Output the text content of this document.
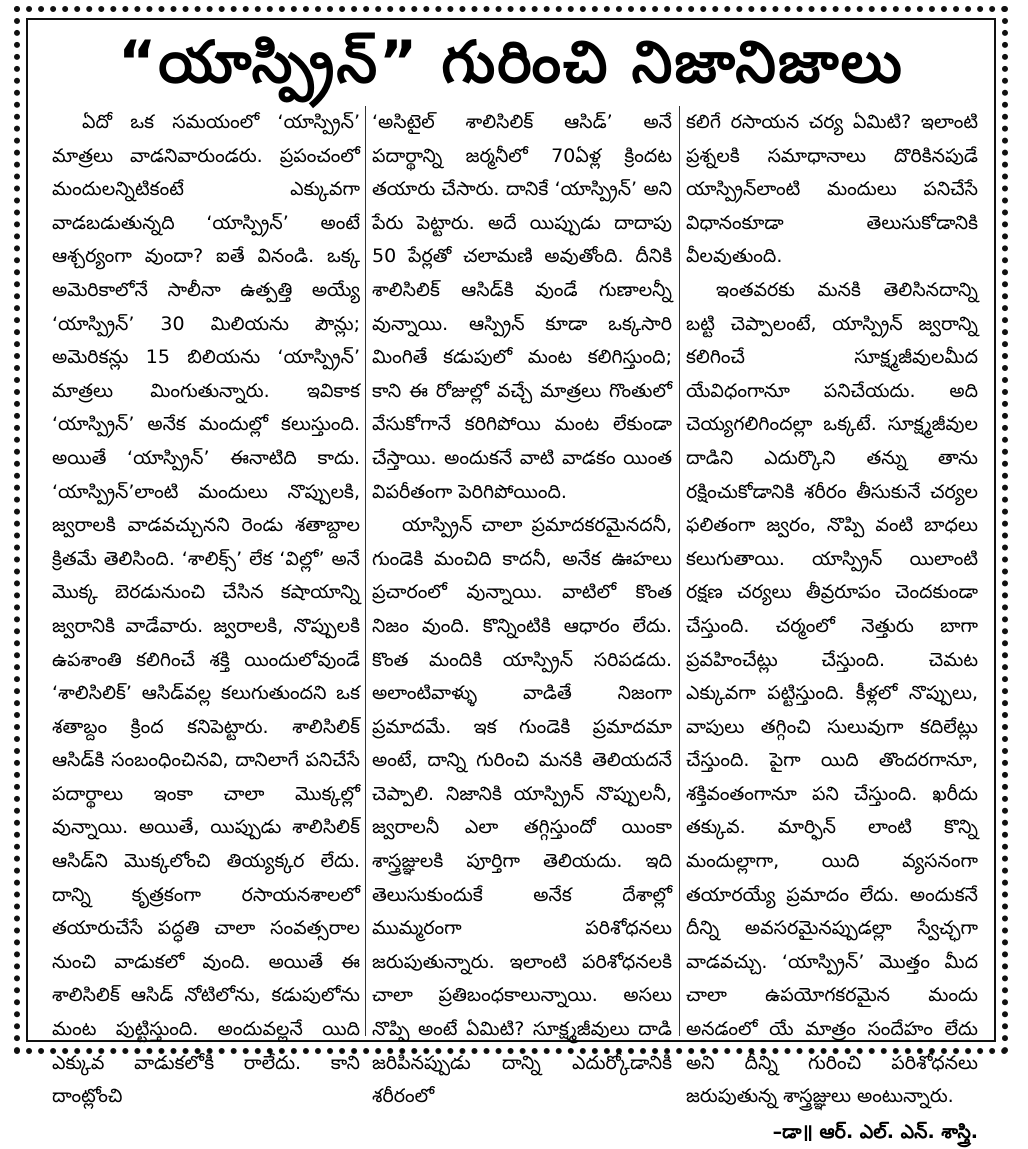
“యాస్ప్రిన్” గురించి నిజానిజాలు

ఏదో ఒక సమయంలో ‘యాస్ప్రిన్’ మాత్రలు వాడనివారుండరు. ప్రపంచంలో మందులన్నిటికంటే ఎక్కువగా వాడబడుతున్నది ‘యాస్ప్రిన్’ అంటే ఆశ్చర్యంగా వుందా? ఐతే వినండి. ఒక్క అమెరికాలోనే సాలీనా ఉత్పత్తి అయ్యే ‘యాస్ప్రిన్’ 30 మిలియను పౌన్లు; అమెరికన్లు 15 బిలియను ‘యాస్ప్రిన్’ మాత్రలు మింగుతున్నారు. ఇవికాక ‘యాస్ప్రిన్’ అనేక మందుల్లో కలుస్తుంది. అయితే ‘యాస్ప్రిన్’ ఈనాటిది కాదు. ‘యాస్ప్రిన్’లాంటి మందులు నొప్పులకి, జ్వరాలకి వాడవచ్చునని రెండు శతాబ్దాల క్రితమే తెలిసింది. ‘శాలిక్స్’ లేక ‘విల్లో’ అనే మొక్క బెరడునుంచి చేసిన కషాయాన్ని జ్వరానికి వాడేవారు. జ్వరాలకి, నొప్పులకి ఉపశాంతి కలిగించే శక్తి యిందులోవుండే ‘శాలిసిలిక్’ ఆసిడ్‌వల్ల కలుగుతుందని ఒక శతాబ్దం క్రింద కనిపెట్టారు. శాలిసిలిక్ ఆసిడ్‌కి సంబంధించినవి, దానిలాగే పనిచేసే పదార్థాలు ఇంకా చాలా మొక్కల్లో వున్నాయి. అయితే, యిప్పుడు శాలిసిలిక్ ఆసిడ్‌ని మొక్కలోంచి తియ్యక్కర లేదు. దాన్ని కృత్రకంగా రసాయనశాలలో తయారుచేసే పద్ధతి చాలా సంవత్సరాల నుంచి వాడుకలో వుంది. అయితే ఈ శాలిసిలిక్ ఆసిడ్ నోటిలోను, కడుపులోను మంట పుట్టిస్తుంది. అందువల్లనే యిది ఎక్కువ వాడుకలోకి రాలేదు. కాని దాంట్లోంచి

‘అసిటైల్ శాలిసిలిక్ ఆసిడ్’ అనే పదార్థాన్ని జర్మనీలో 70ఏళ్ల క్రిందట తయారు చేసారు. దానికే ‘యాస్ప్రిన్’ అని పేరు పెట్టారు. అదే యిప్పుడు దాదాపు 50 పేర్లతో చలామణి అవుతోంది. దీనికి శాలిసిలిక్ ఆసిడ్‌కి వుండే గుణాలన్నీ వున్నాయి. ఆస్ప్రిన్ కూడా ఒక్కసారి మింగితే కడుపులో మంట కలిగిస్తుంది; కాని ఈ రోజుల్లో వచ్చే మాత్రలు గొంతులో వేసుకోగానే కరిగిపోయి మంట లేకుండా చేస్తాయి. అందుకనే వాటి వాడకం యింత విపరీతంగా పెరిగిపోయింది.

యాస్ప్రిన్ చాలా ప్రమాదకరమైనదనీ, గుండెకి మంచిది కాదనీ, అనేక ఊహలు ప్రచారంలో వున్నాయి. వాటిలో కొంత నిజం వుంది. కొన్నింటికి ఆధారం లేదు. కొంత మందికి యాస్ప్రిన్ సరిపడదు. అలాంటివాళ్ళు వాడితే నిజంగా ప్రమాదమే. ఇక గుండెకి ప్రమాదమా అంటే, దాన్ని గురించి మనకి తెలియదనే చెప్పాలి. నిజానికి యాస్ప్రిన్ నొప్పులనీ, జ్వరాలనీ ఎలా తగ్గిస్తుందో యింకా శాస్త్రజ్ఞులకి పూర్తిగా తెలియదు. ఇది తెలుసుకుందుకే అనేక దేశాల్లో ముమ్మరంగా పరిశోధనలు జరుపుతున్నారు. ఇలాంటి పరిశోధనలకి చాలా ప్రతిబంధకాలున్నాయి. అసలు నొప్పి అంటే ఏమిటి? సూక్ష్మజీవులు దాడి జరిపినప్పుడు దాన్ని ఎదుర్కోడానికి శరీరంలో

కలిగే రసాయన చర్య ఏమిటి? ఇలాంటి ప్రశ్నలకి సమాధానాలు దొరికినపుడే యాస్ప్రిన్‌లాంటి మందులు పనిచేసే విధానంకూడా తెలుసుకోడానికి వీలవుతుంది.

ఇంతవరకు మనకి తెలిసినదాన్ని బట్టి చెప్పాలంటే, యాస్ప్రిన్ జ్వరాన్ని కలిగించే సూక్ష్మజీవులమీద యేవిధంగానూ పనిచేయదు. అది చెయ్యగలిగిందల్లా ఒక్కటే. సూక్ష్మజీవుల దాడిని ఎదుర్కొని తన్ను తాను రక్షించుకోడానికి శరీరం తీసుకునే చర్యల ఫలితంగా జ్వరం, నొప్పి వంటి బాధలు కలుగుతాయి. యాస్ప్రిన్ యిలాంటి రక్షణ చర్యలు తీవ్రరూపం చెందకుండా చేస్తుంది. చర్మంలో నెత్తురు బాగా ప్రవహించేట్లు చేస్తుంది. చెమట ఎక్కువగా పట్టిస్తుంది. కీళ్లలో నొప్పులు, వాపులు తగ్గించి సులువుగా కదిలేట్లు చేస్తుంది. పైగా యిది తొందరగానూ, శక్తివంతంగానూ పని చేస్తుంది. ఖరీదు తక్కువ. మార్ఫిన్ లాంటి కొన్ని మందుల్లాగా, యిది వ్యసనంగా తయారయ్యే ప్రమాదం లేదు. అందుకనే దీన్ని అవసరమైనప్పుడల్లా స్వేచ్ఛగా వాడవచ్చు. ‘యాస్ప్రిన్’ మొత్తం మీద చాలా ఉపయోగకరమైన మందు అనడంలో యే మాత్రం సందేహం లేదు అని దీన్ని గురించి పరిశోధనలు జరుపుతున్న శాస్త్రజ్ఞులు అంటున్నారు.

–డా॥ ఆర్. ఎల్. ఎన్. శాస్త్రి.
